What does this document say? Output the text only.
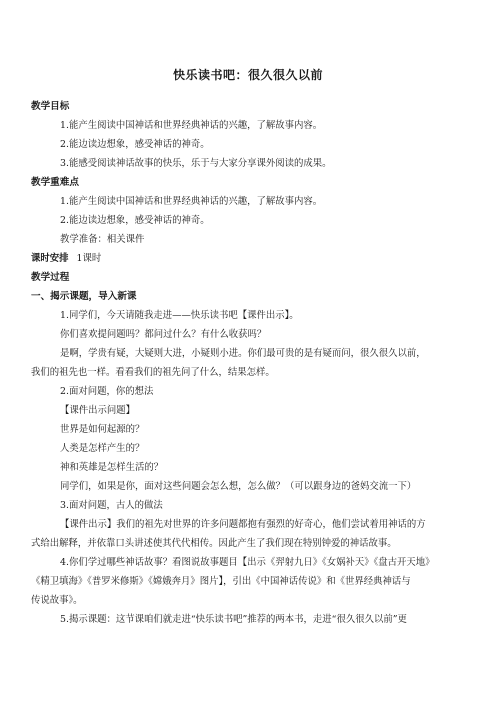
快乐读书吧：很久很久以前

教学目标

1.能产生阅读中国神话和世界经典神话的兴趣，了解故事内容。

2.能边读边想象，感受神话的神奇。

3.能感受阅读神话故事的快乐，乐于与大家分享课外阅读的成果。

教学重难点

1.能产生阅读中国神话和世界经典神话的兴趣，了解故事内容。

2.能边读边想象，感受神话的神奇。

教学准备：相关课件

课时安排 1课时

教学过程

一、揭示课题，导入新课

1.同学们，今天请随我走进——快乐读书吧【课件出示】。

你们喜欢提问题吗？都问过什么？有什么收获吗？

是啊，学贵有疑，大疑则大进，小疑则小进。你们最可贵的是有疑而问，很久很久以前，

我们的祖先也一样。看看我们的祖先问了什么，结果怎样。

2.面对问题，你的想法

【课件出示问题】

世界是如何起源的？

人类是怎样产生的？

神和英雄是怎样生活的？

同学们，如果是你，面对这些问题会怎么想，怎么做？（可以跟身边的爸妈交流一下）

3.面对问题，古人的做法

【课件出示】我们的祖先对世界的许多问题都抱有强烈的好奇心，他们尝试着用神话的方

式给出解释，并依靠口头讲述使其代代相传。因此产生了我们现在特别钟爱的神话故事。

4.你们学过哪些神话故事？看图说故事题目【出示《羿射九日》《女娲补天》《盘古开天地》

《精卫填海》《普罗米修斯》《嫦娥奔月》图片】，引出《中国神话传说》和《世界经典神话与

传说故事》。

5.揭示课题：这节课咱们就走进“快乐读书吧”推荐的两本书，走进“很久很久以前”更
